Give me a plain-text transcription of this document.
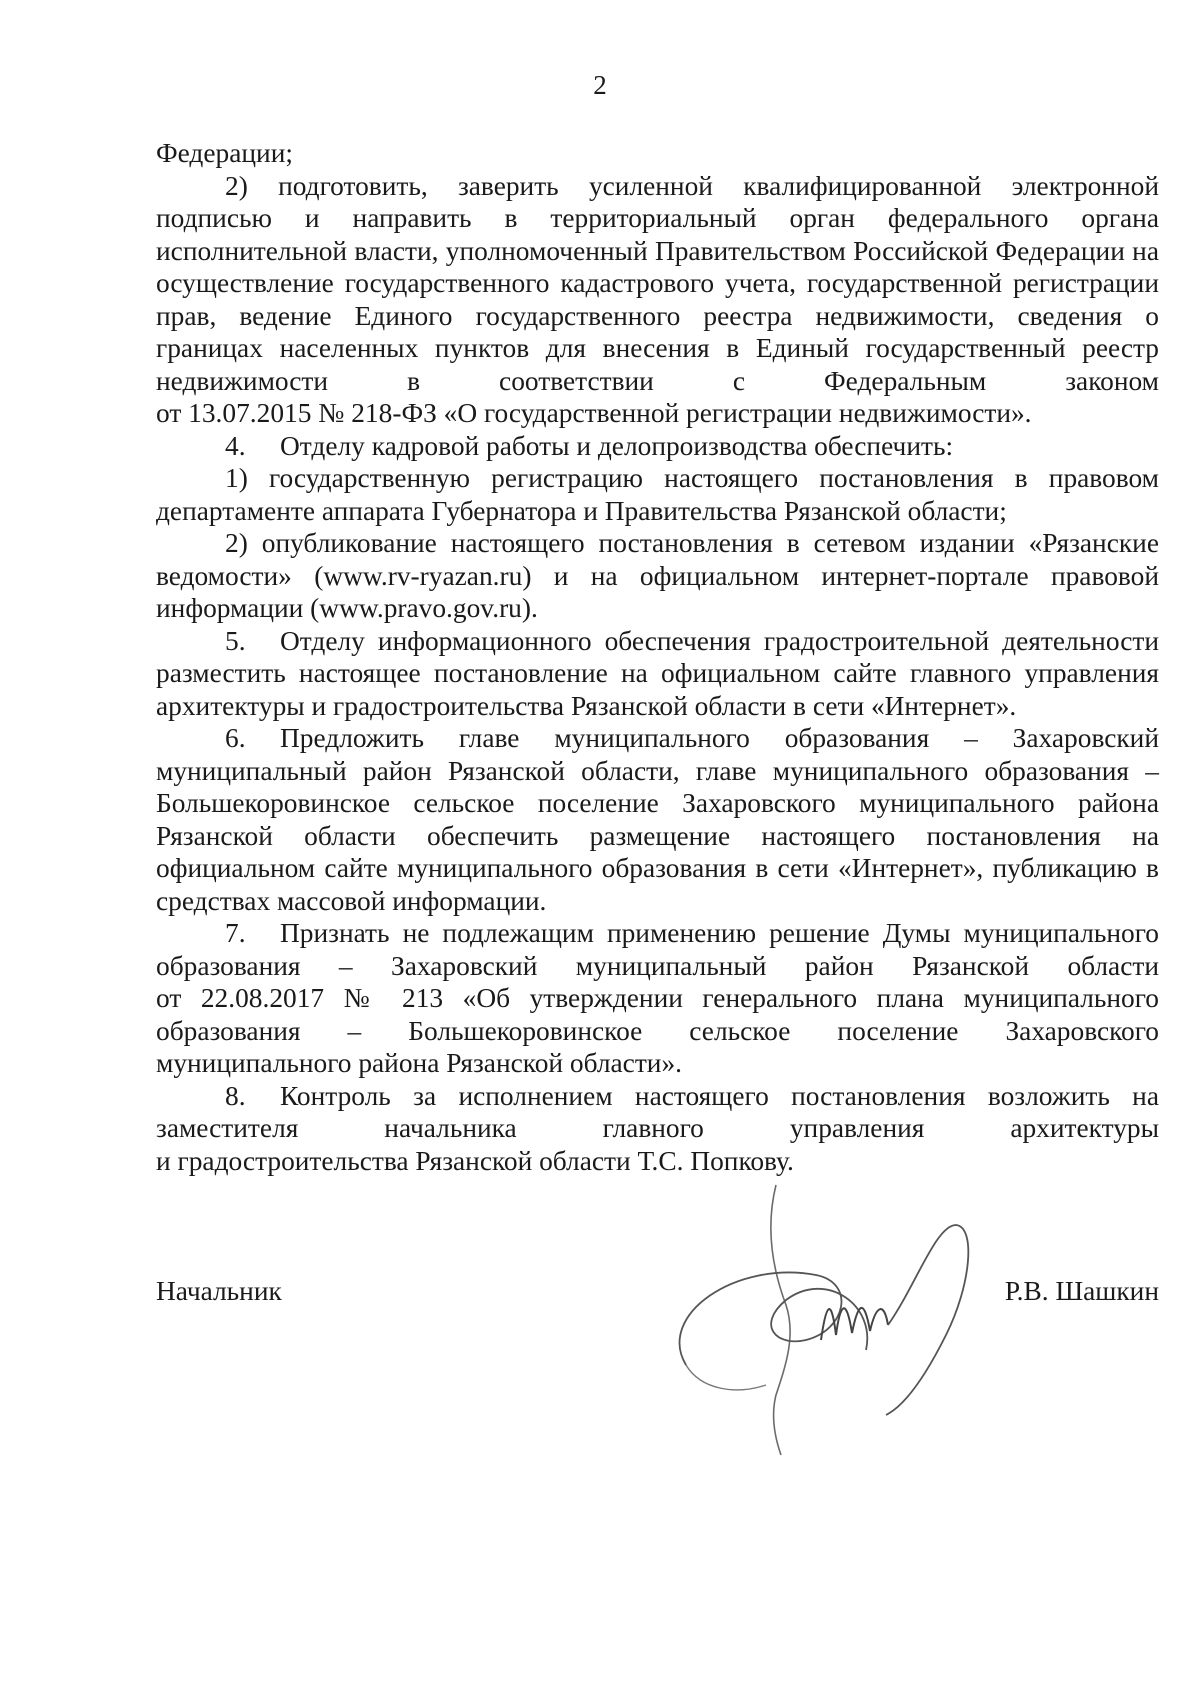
2

Федерации;

2) подготовить, заверить усиленной квалифицированной электронной подписью и направить в территориальный орган федерального органа исполнительной власти, уполномоченный Правительством Российской Федерации на осуществление государственного кадастрового учета, государственной регистрации прав, ведение Единого государственного реестра недвижимости, сведения о границах населенных пунктов для внесения в Единый государственный реестр недвижимости в соответствии с Федеральным законом

от 13.07.2015 № 218-ФЗ «О государственной регистрации недвижимости».

4. Отделу кадровой работы и делопроизводства обеспечить:

1) государственную регистрацию настоящего постановления в правовом департаменте аппарата Губернатора и Правительства Рязанской области;

2) опубликование настоящего постановления в сетевом издании «Рязанские ведомости» (www.rv-ryazan.ru) и на официальном интернет-портале правовой информации (www.pravo.gov.ru).

5. Отделу информационного обеспечения градостроительной деятельности разместить настоящее постановление на официальном сайте главного управления архитектуры и градостроительства Рязанской области в сети «Интернет».

6. Предложить главе муниципального образования – Захаровский муниципальный район Рязанской области, главе муниципального образования – Большекоровинское сельское поселение Захаровского муниципального района Рязанской области обеспечить размещение настоящего постановления на официальном сайте муниципального образования в сети «Интернет», публикацию в средствах массовой информации.

7. Признать не подлежащим применению решение Думы муниципального образования – Захаровский муниципальный район Рязанской области

от 22.08.2017 № 213 «Об утверждении генерального плана муниципального образования – Большекоровинское сельское поселение Захаровского муниципального района Рязанской области».

8. Контроль за исполнением настоящего постановления возложить на заместителя начальника главного управления архитектуры

и градостроительства Рязанской области Т.С. Попкову.

Начальник	Р.В. Шашкин
